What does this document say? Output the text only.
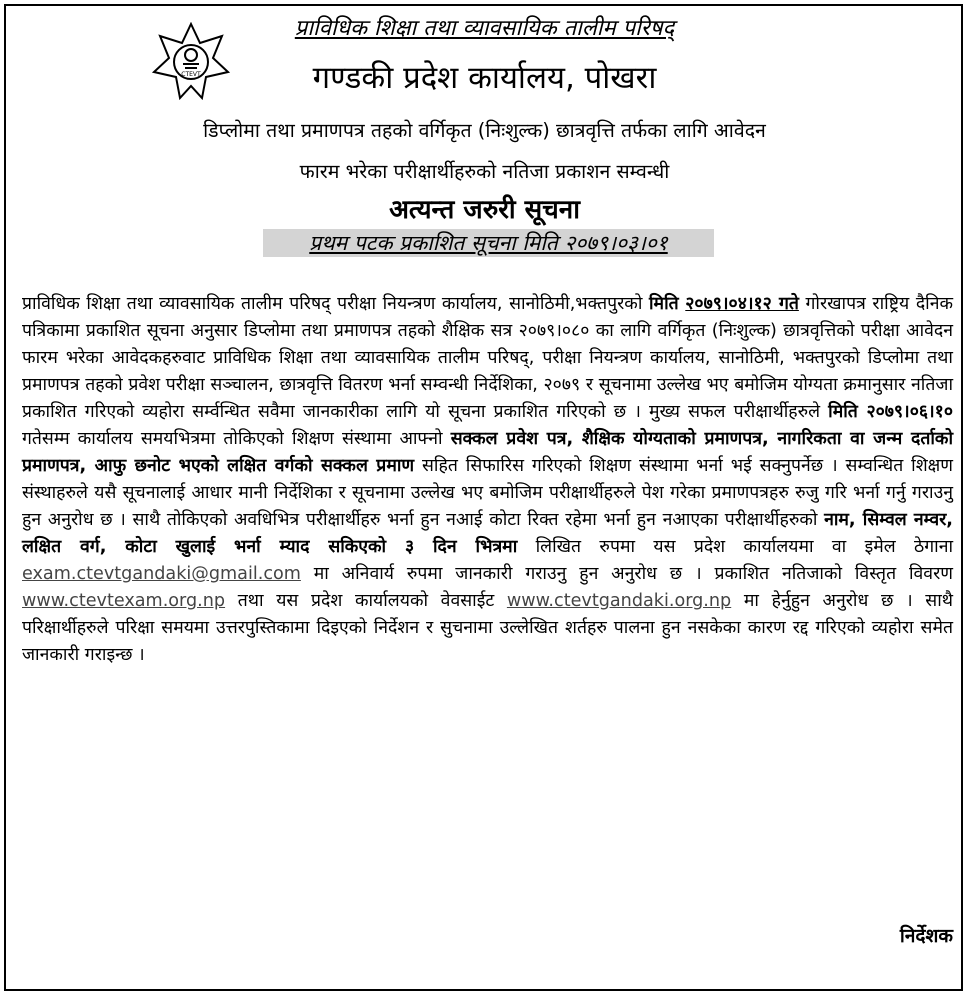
CTEVT
प्राविधिक शिक्षा तथा व्यावसायिक तालीम परिषद्
गण्डकी प्रदेश कार्यालय, पोखरा
डिप्लोमा तथा प्रमाणपत्र तहको वर्गिकृत (निःशुल्क) छात्रवृत्ति तर्फका लागि आवेदन
फारम भरेका परीक्षार्थीहरुको नतिजा प्रकाशन सम्वन्धी
अत्यन्त जरुरी सूचना
प्रथम पटक प्रकाशित सूचना मिति २०७९।०३।०१
प्राविधिक शिक्षा तथा व्यावसायिक तालीम परिषद् परीक्षा नियन्त्रण कार्यालय, सानोठिमी,भक्तपुरको मिति २०७९।०४।१२ गते गोरखापत्र राष्ट्रिय दैनिक पत्रिकामा प्रकाशित सूचना अनुसार डिप्लोमा तथा प्रमाणपत्र तहको शैक्षिक सत्र २०७९।०८० का लागि वर्गिकृत (निःशुल्क) छात्रवृत्तिको परीक्षा आवेदन फारम भरेका आवेदकहरुवाट प्राविधिक शिक्षा तथा व्यावसायिक तालीम परिषद्, परीक्षा नियन्त्रण कार्यालय, सानोठिमी, भक्तपुरको डिप्लोमा तथा प्रमाणपत्र तहको प्रवेश परीक्षा सञ्चालन, छात्रवृत्ति वितरण भर्ना सम्वन्धी निर्देशिका, २०७९ र सूचनामा उल्लेख भए बमोजिम योग्यता क्रमानुसार नतिजा प्रकाशित गरिएको व्यहोरा सर्म्वन्धित सवैमा जानकारीका लागि यो सूचना प्रकाशित गरिएको छ । मुख्य सफल परीक्षार्थीहरुले मिति २०७९।०६।१० गतेसम्म कार्यालय समयभित्रमा तोकिएको शिक्षण संस्थामा आफ्नो सक्कल प्रवेश पत्र, शैक्षिक योग्यताको प्रमाणपत्र, नागरिकता वा जन्म दर्ताको प्रमाणपत्र, आफु छनोट भएको लक्षित वर्गको सक्कल प्रमाण सहित सिफारिस गरिएको शिक्षण संस्थामा भर्ना भई सक्नुपर्नेछ । सम्वन्धित शिक्षण संस्थाहरुले यसै सूचनालाई आधार मानी निर्देशिका र सूचनामा उल्लेख भए बमोजिम परीक्षार्थीहरुले पेश गरेका प्रमाणपत्रहरु रुजु गरि भर्ना गर्नु गराउनु हुन अनुरोध छ । साथै तोकिएको अवधिभित्र परीक्षार्थीहरु भर्ना हुन नआई कोटा रिक्त रहेमा भर्ना हुन नआएका परीक्षार्थीहरुको नाम, सिम्वल नम्वर, लक्षित वर्ग, कोटा खुलाई भर्ना म्याद सकिएको ३ दिन भित्रमा लिखित रुपमा यस प्रदेश कार्यालयमा वा इमेल ठेगाना exam.ctevtgandaki@gmail.com मा अनिवार्य रुपमा जानकारी गराउनु हुन अनुरोध छ । प्रकाशित नतिजाको विस्तृत विवरण www.ctevtexam.org.np तथा यस प्रदेश कार्यालयको वेवसाईट www.ctevtgandaki.org.np मा हेर्नुहुन अनुरोध छ । साथै परिक्षार्थीहरुले परिक्षा समयमा उत्तरपुस्तिकामा दिइएको निर्देशन र सुचनामा उल्लेखित शर्तहरु पालना हुन नसकेका कारण रद्द गरिएको व्यहोरा समेत जानकारी गराइन्छ ।
निर्देशक
